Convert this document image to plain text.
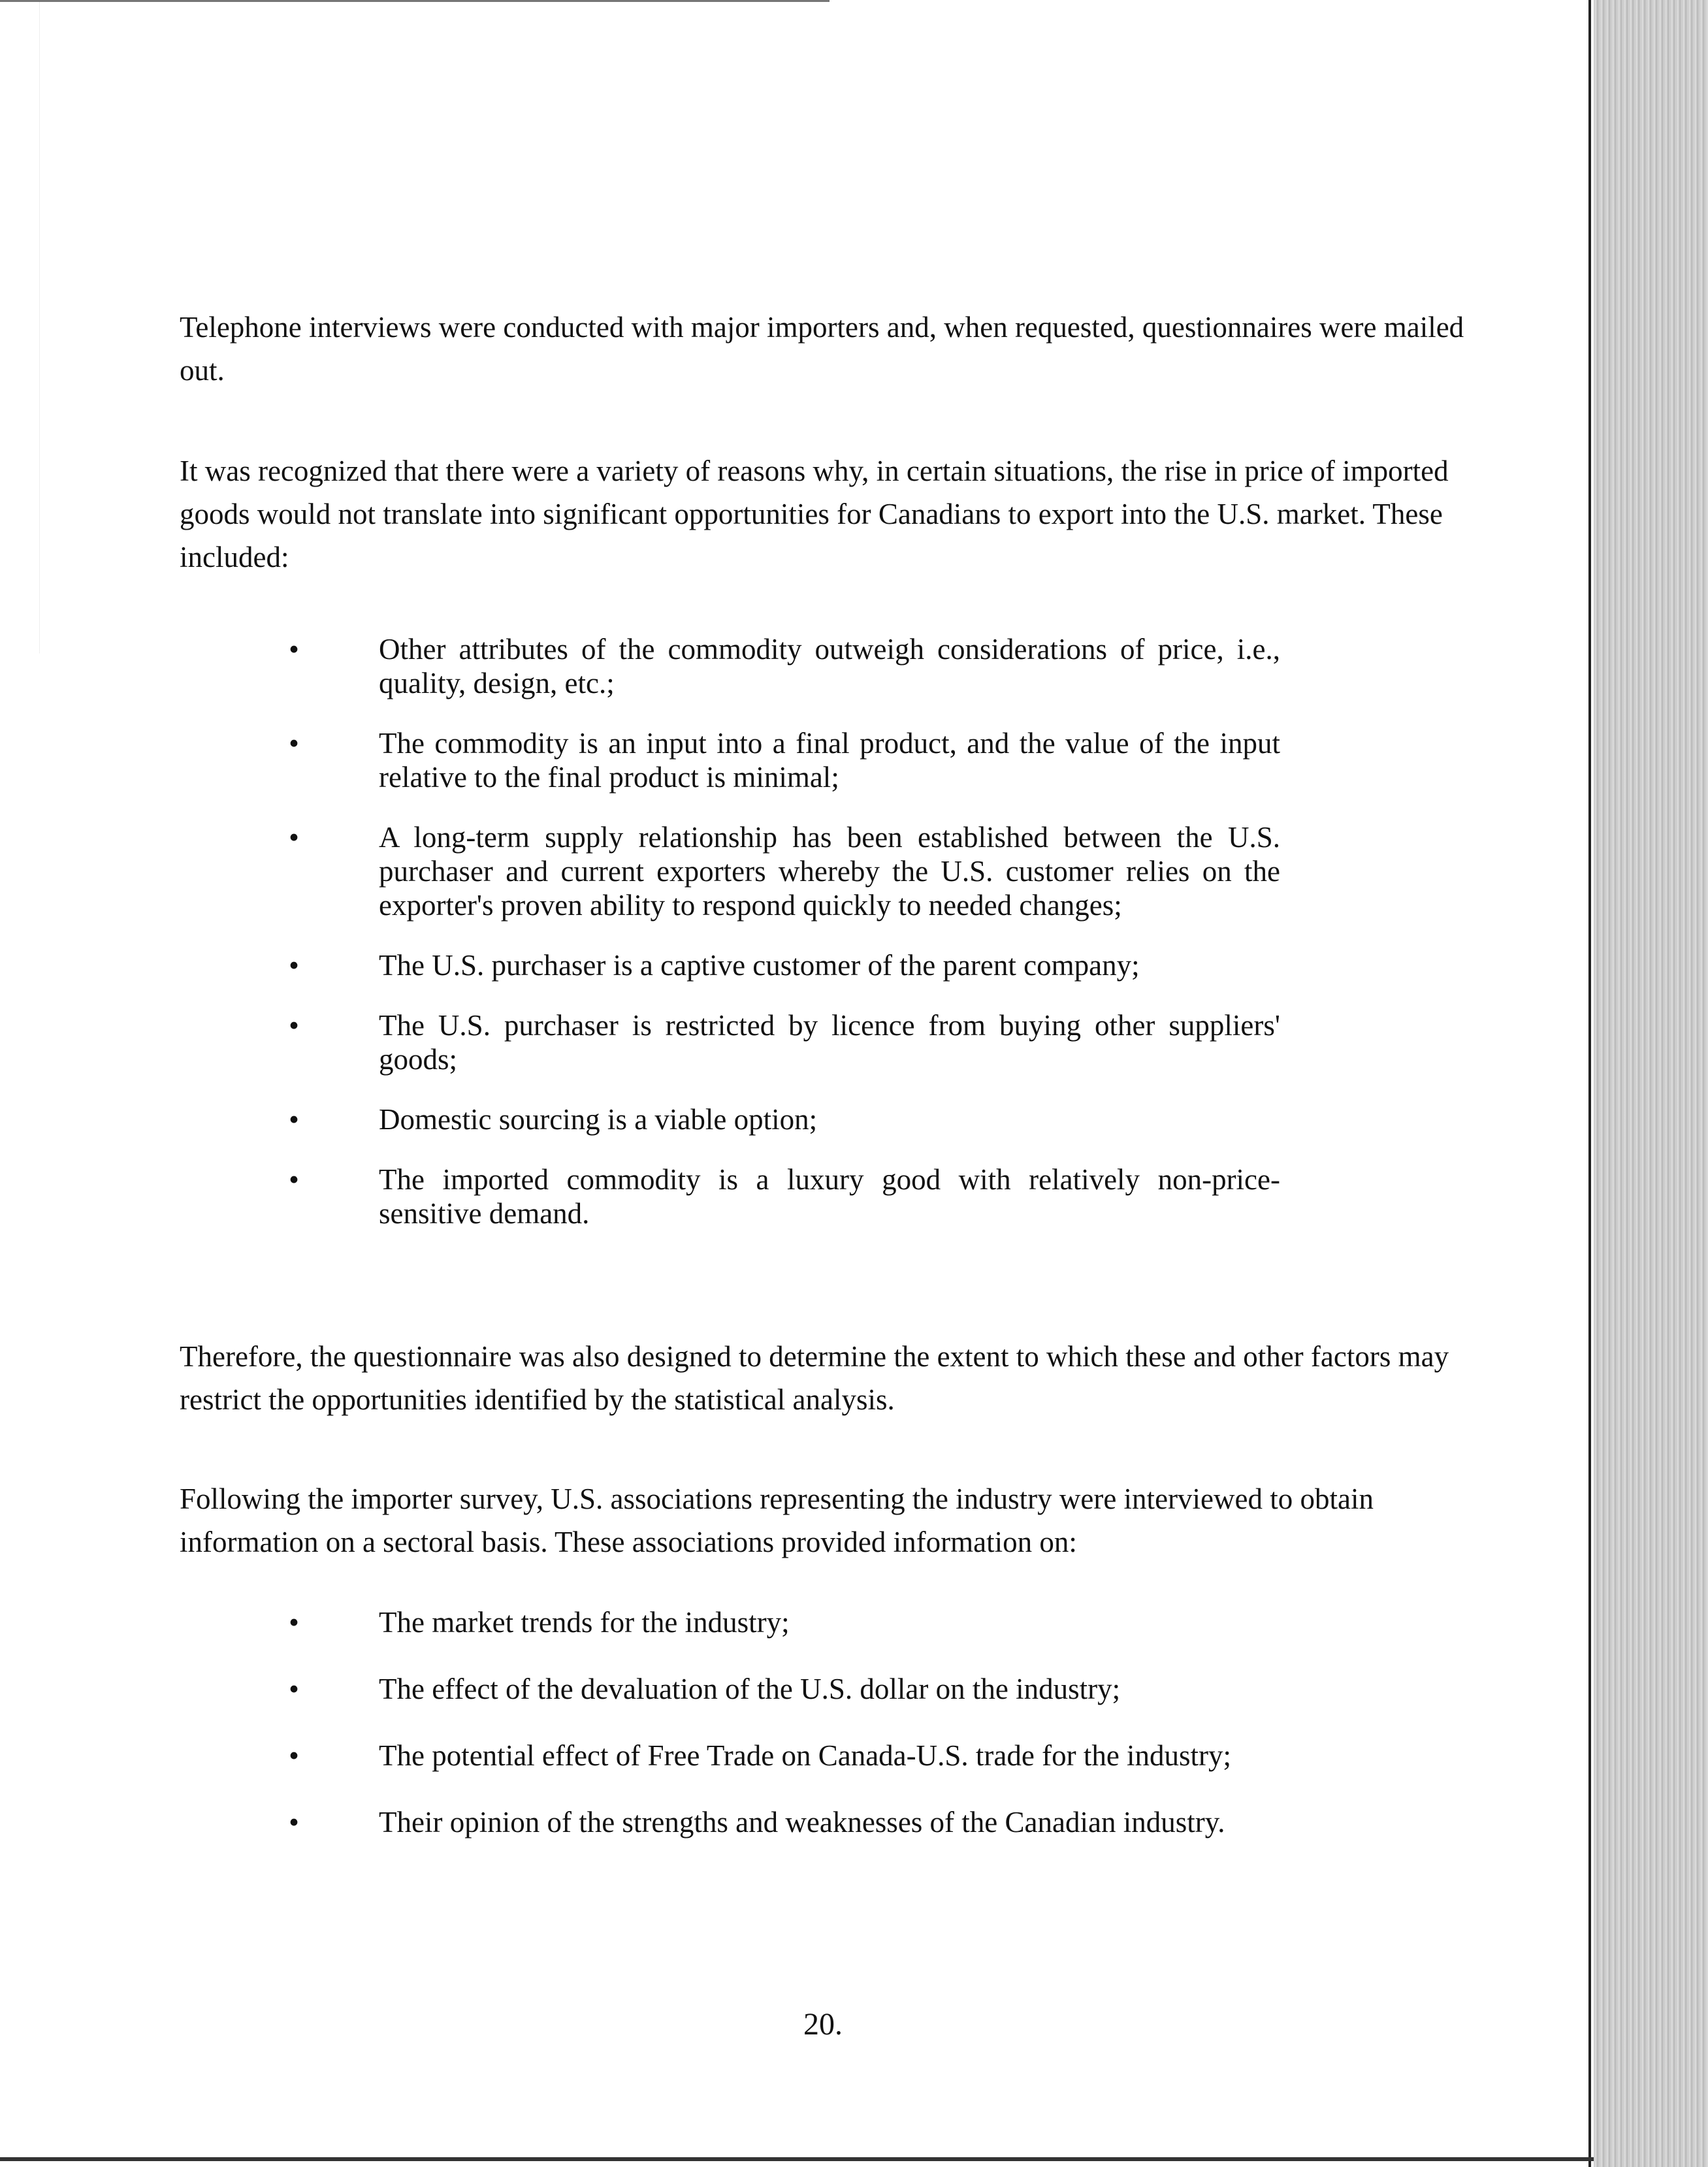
Telephone interviews were conducted with major importers and, when requested, questionnaires were mailed out.

It was recognized that there were a variety of reasons why, in certain situations, the rise in price of imported goods would not translate into significant opportunities for Canadians to export into the U.S. market. These included:

•	Other attributes of the commodity outweigh considerations of price, i.e., quality, design, etc.;
•	The commodity is an input into a final product, and the value of the input relative to the final product is minimal;
•	A long-term supply relationship has been established between the U.S. purchaser and current exporters whereby the U.S. customer relies on the exporter's proven ability to respond quickly to needed changes;
•	The U.S. purchaser is a captive customer of the parent company;
•	The U.S. purchaser is restricted by licence from buying other suppliers' goods;
•	Domestic sourcing is a viable option;
•	The imported commodity is a luxury good with relatively non-price-sensitive demand.

Therefore, the questionnaire was also designed to determine the extent to which these and other factors may restrict the opportunities identified by the statistical analysis.

Following the importer survey, U.S. associations representing the industry were interviewed to obtain information on a sectoral basis. These associations provided information on:

•	The market trends for the industry;
•	The effect of the devaluation of the U.S. dollar on the industry;
•	The potential effect of Free Trade on Canada-U.S. trade for the industry;
•	Their opinion of the strengths and weaknesses of the Canadian industry.
20.
